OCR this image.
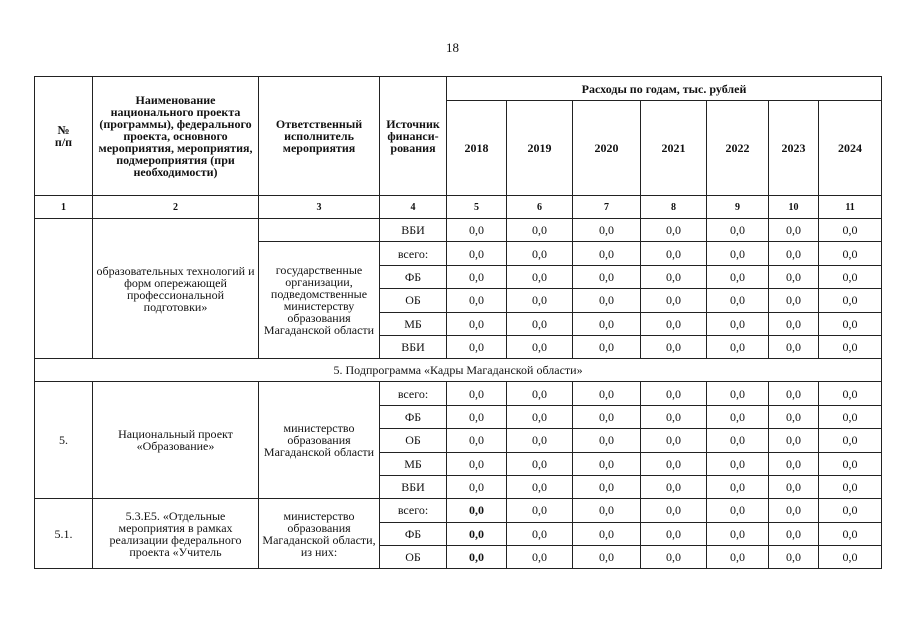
18
№
п/п	Наименование национального проекта (программы), федерального проекта, основного мероприятия, мероприятия, подмероприятия (при необходимости)	Ответственный исполнитель мероприятия	Источник финанси-рования	Расходы по годам, тыс. рублей						
				2018	2019	2020	2021	2022	2023	2024
1	2	3	4	5	6	7	8	9	10	11
	образовательных технологий и форм опережающей профессиональной подготовки»		ВБИ	0,0	0,0	0,0	0,0	0,0	0,0	0,0
		государственные организации, подведомственные министерству образования Магаданской области	всего:	0,0	0,0	0,0	0,0	0,0	0,0	0,0
			ФБ	0,0	0,0	0,0	0,0	0,0	0,0	0,0
			ОБ	0,0	0,0	0,0	0,0	0,0	0,0	0,0
			МБ	0,0	0,0	0,0	0,0	0,0	0,0	0,0
			ВБИ	0,0	0,0	0,0	0,0	0,0	0,0	0,0
5. Подпрограмма «Кадры Магаданской области»										
5.	Национальный проект «Образование»	министерство образования Магаданской области	всего:	0,0	0,0	0,0	0,0	0,0	0,0	0,0
			ФБ	0,0	0,0	0,0	0,0	0,0	0,0	0,0
			ОБ	0,0	0,0	0,0	0,0	0,0	0,0	0,0
			МБ	0,0	0,0	0,0	0,0	0,0	0,0	0,0
			ВБИ	0,0	0,0	0,0	0,0	0,0	0,0	0,0
5.1.	5.3.Е5. «Отдельные мероприятия в рамках реализации федерального проекта «Учитель	министерство образования Магаданской области, из них:	всего:	0,0	0,0	0,0	0,0	0,0	0,0	0,0
			ФБ	0,0	0,0	0,0	0,0	0,0	0,0	0,0
			ОБ	0,0	0,0	0,0	0,0	0,0	0,0	0,0
